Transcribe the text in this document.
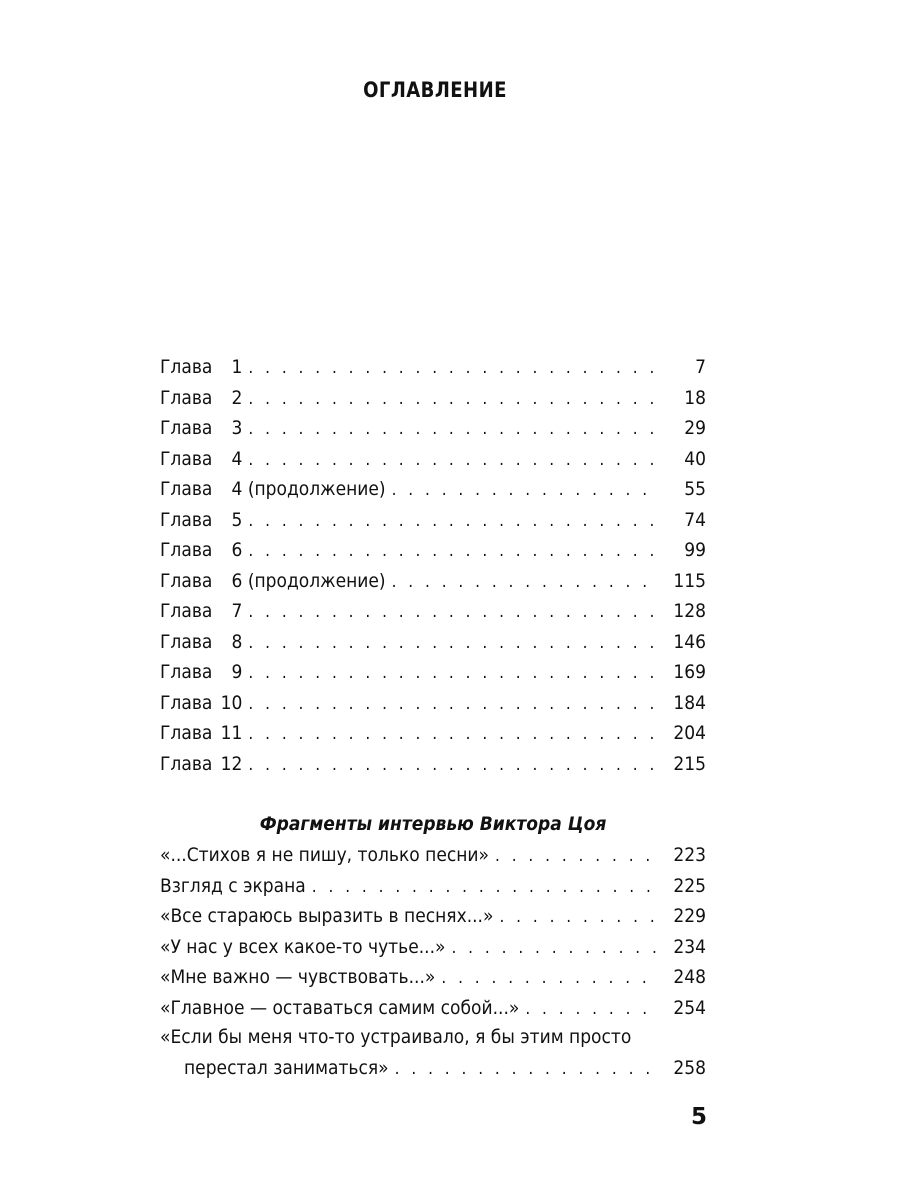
ОГЛАВЛЕНИЕ
Глава 1 . . .	7
Глава 2 . . .	18
Глава 3 . . .	29
Глава 4 . . .	40
Глава 4 (продолжение) . . .	55
Глава 5 . . .	74
Глава 6 . . .	99
Глава 6 (продолжение) . . .	115
Глава 7 . . .	128
Глава 8 . . .	146
Глава 9 . . .	169
Глава 10 . . .	184
Глава 11 . . .	204
Глава 12 . . .	215
Фрагменты интервью Виктора Цоя
«...Стихов я не пишу, только песни» . . .	223
Взгляд с экрана . . .	225
«Все стараюсь выразить в песнях...» . . .	229
«У нас у всех какое-то чутье...» . . .	234
«Мне важно — чувствовать...» . . .	248
«Главное — оставаться самим собой...» . . .	254
«Если бы меня что-то устраивало, я бы этим просто
перестал заниматься» . . .	258
5
